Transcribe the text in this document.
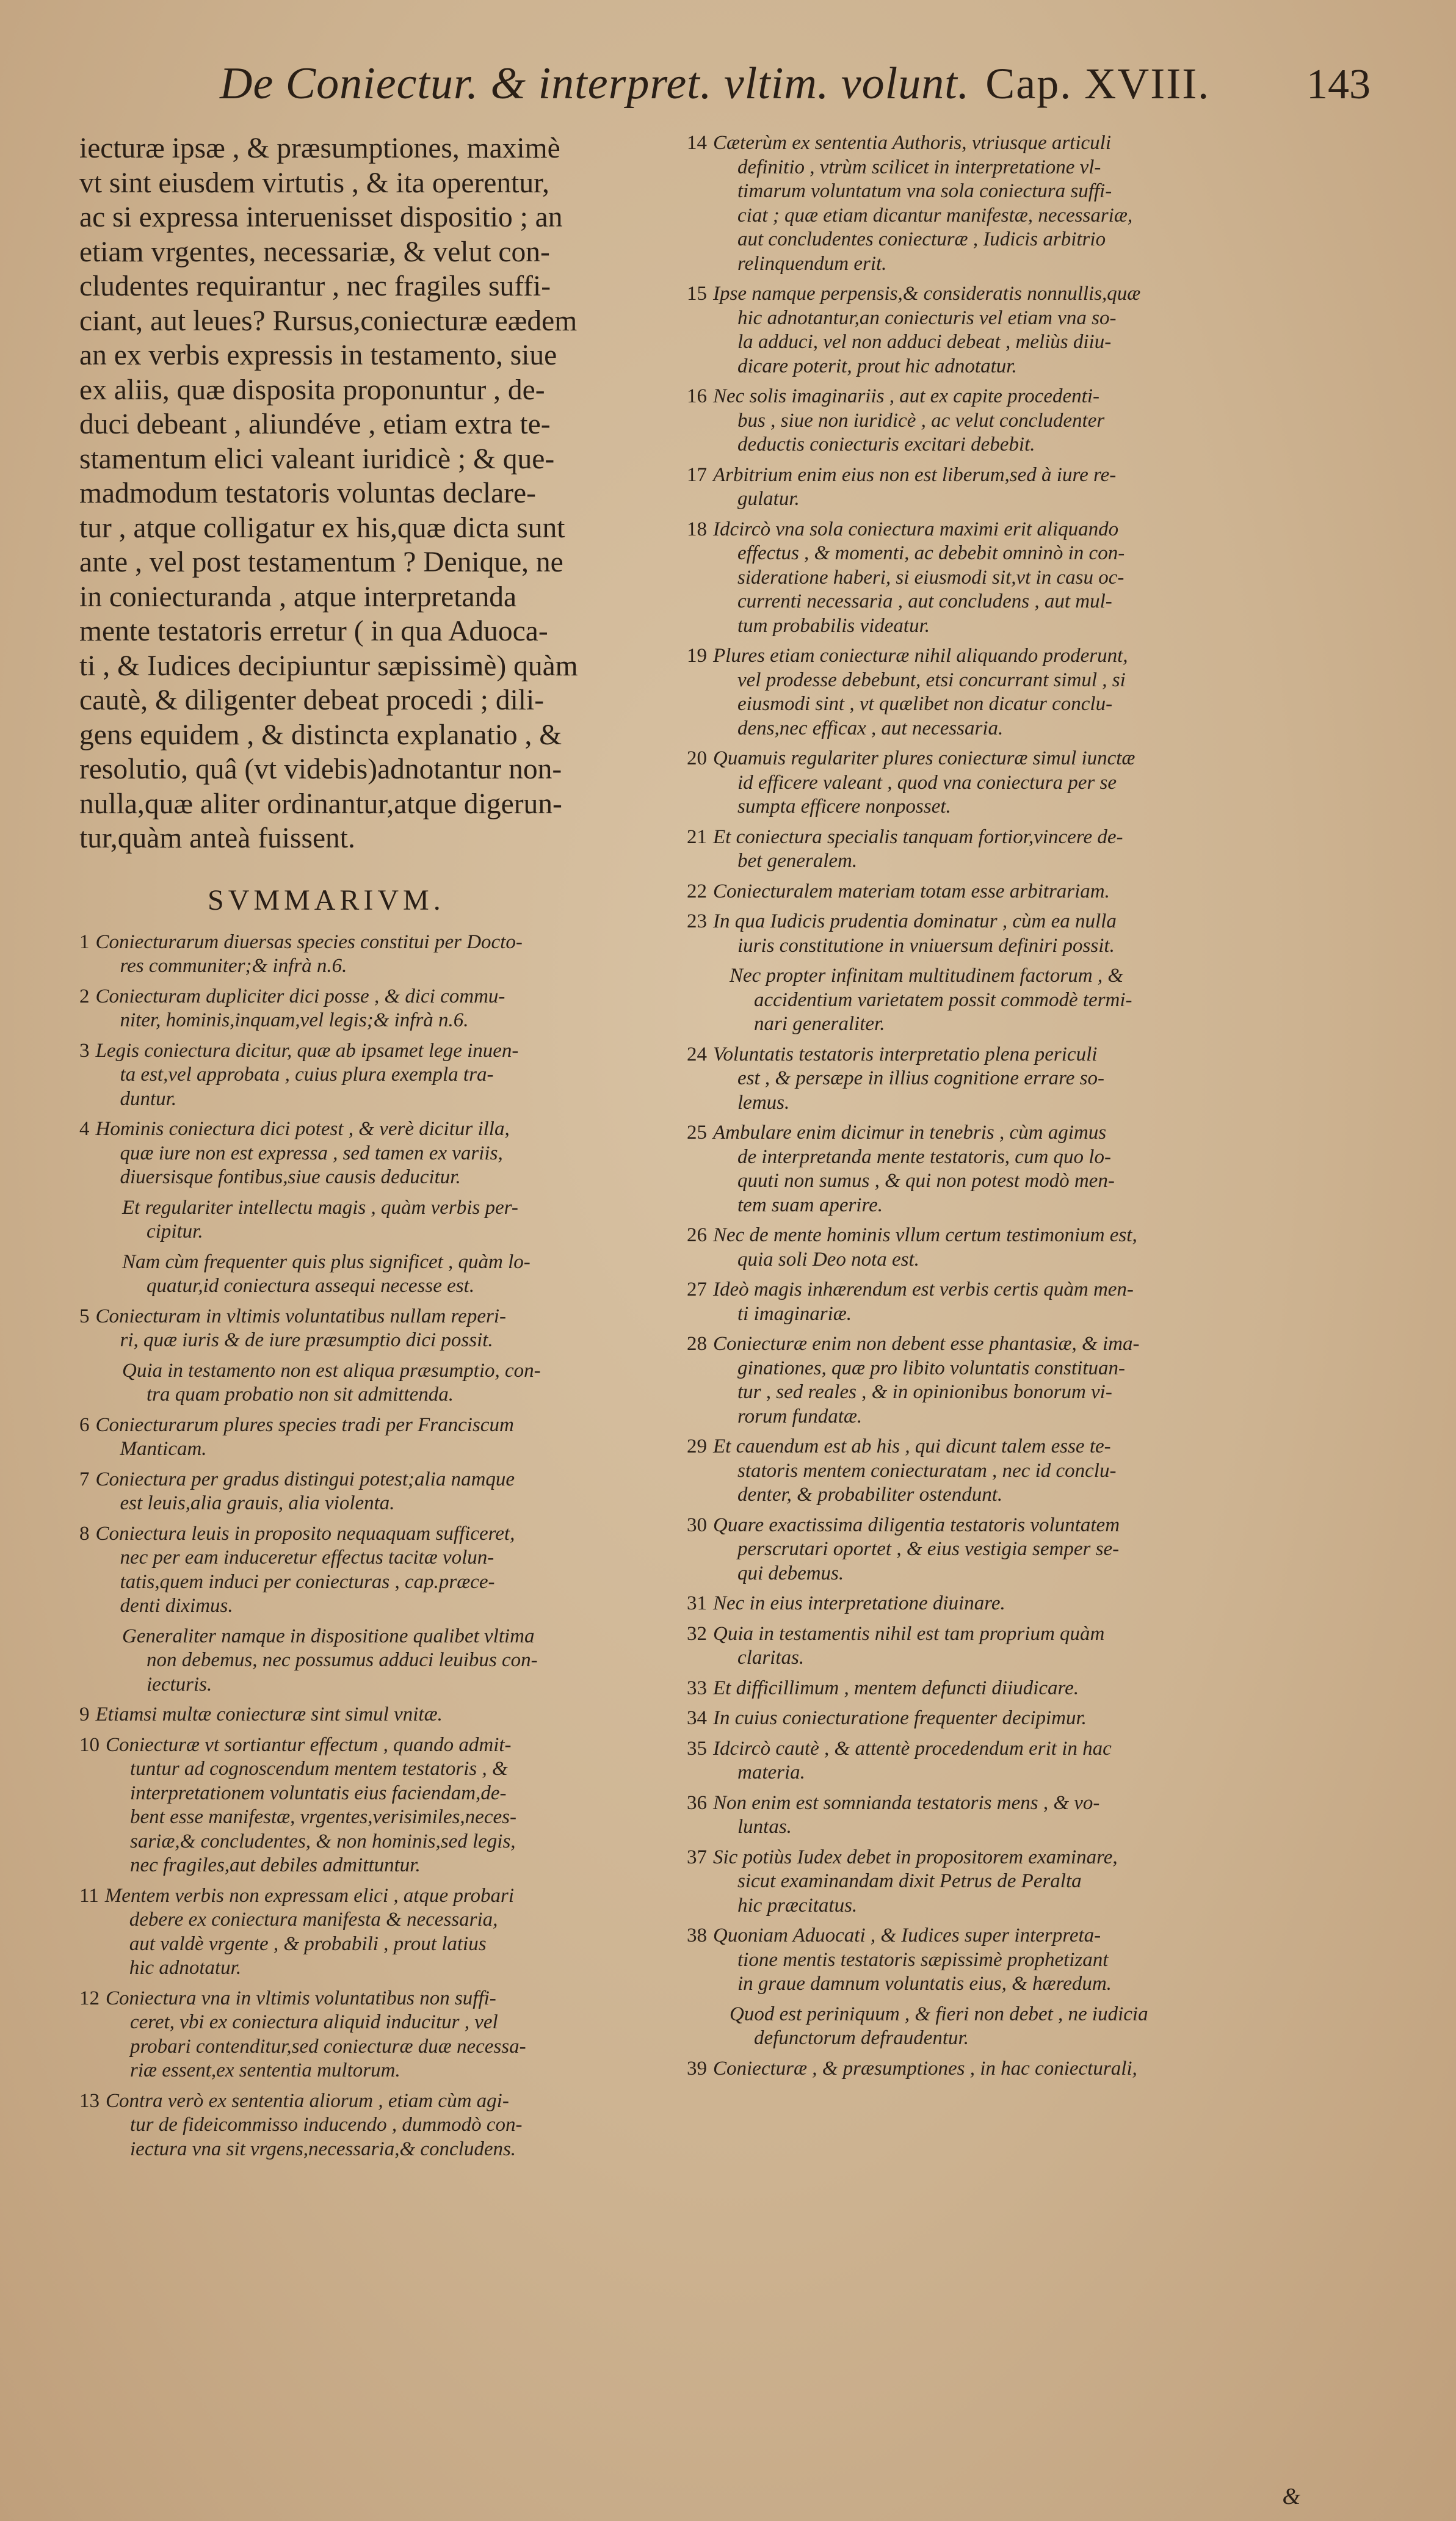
De Coniectur. & interpret. vltim. volunt. Cap. XVIII. 143
iecturæ ipsæ , & præsumptiones, maximè
vt sint eiusdem virtutis , & ita operentur,
ac si expressa interuenisset dispositio ; an
etiam vrgentes, necessariæ, & velut con-
cludentes requirantur , nec fragiles suffi-
ciant, aut leues? Rursus,coniecturæ eædem
an ex verbis expressis in testamento, siue
ex aliis, quæ disposita proponuntur , de-
duci debeant , aliundéve , etiam extra te-
stamentum elici valeant iuridicè ; & que-
madmodum testatoris voluntas declare-
tur , atque colligatur ex his,quæ dicta sunt
ante , vel post testamentum ? Denique, ne
in coniecturanda , atque interpretanda
mente testatoris erretur ( in qua Aduoca-
ti , & Iudices decipiuntur sæpissimè) quàm
cautè, & diligenter debeat procedi ; dili-
gens equidem , & distincta explanatio , &
resolutio, quâ (vt videbis)adnotantur non-
nulla,quæ aliter ordinantur,atque digerun-
tur,quàm anteà fuissent.
SVMMARIVM.
1 Coniecturarum diuersas species constitui per Docto-
res communiter;& infrà n.6.
2 Coniecturam dupliciter dici posse , & dici commu-
niter, hominis,inquam,vel legis;& infrà n.6.
3 Legis coniectura dicitur, quæ ab ipsamet lege inuen-
ta est,vel approbata , cuius plura exempla tra-
duntur.
4 Hominis coniectura dici potest , & verè dicitur illa,
quæ iure non est expressa , sed tamen ex variis,
diuersisque fontibus,siue causis deducitur.
Et regulariter intellectu magis , quàm verbis per-
cipitur.
Nam cùm frequenter quis plus significet , quàm lo-
quatur,id coniectura assequi necesse est.
5 Coniecturam in vltimis voluntatibus nullam reperi-
ri, quæ iuris & de iure præsumptio dici possit.
Quia in testamento non est aliqua præsumptio, con-
tra quam probatio non sit admittenda.
6 Coniecturarum plures species tradi per Franciscum
Manticam.
7 Coniectura per gradus distingui potest;alia namque
est leuis,alia grauis, alia violenta.
8 Coniectura leuis in proposito nequaquam sufficeret,
nec per eam induceretur effectus tacitæ volun-
tatis,quem induci per coniecturas , cap.præce-
denti diximus.
Generaliter namque in dispositione qualibet vltima
non debemus, nec possumus adduci leuibus con-
iecturis.
9 Etiamsi multæ coniecturæ sint simul vnitæ.
10 Coniecturæ vt sortiantur effectum , quando admit-
tuntur ad cognoscendum mentem testatoris , &
interpretationem voluntatis eius faciendam,de-
bent esse manifestæ, vrgentes,verisimiles,neces-
sariæ,& concludentes, & non hominis,sed legis,
nec fragiles,aut debiles admittuntur.
11 Mentem verbis non expressam elici , atque probari
debere ex coniectura manifesta & necessaria,
aut valdè vrgente , & probabili , prout latius
hic adnotatur.
12 Coniectura vna in vltimis voluntatibus non suffi-
ceret, vbi ex coniectura aliquid inducitur , vel
probari contenditur,sed coniecturæ duæ necessa-
riæ essent,ex sententia multorum.
13 Contra verò ex sententia aliorum , etiam cùm agi-
tur de fideicommisso inducendo , dummodò con-
iectura vna sit vrgens,necessaria,& concludens.
14 Cæterùm ex sententia Authoris, vtriusque articuli
definitio , vtrùm scilicet in interpretatione vl-
timarum voluntatum vna sola coniectura suffi-
ciat ; quæ etiam dicantur manifestæ, necessariæ,
aut concludentes coniecturæ , Iudicis arbitrio
relinquendum erit.
15 Ipse namque perpensis,& consideratis nonnullis,quæ
hic adnotantur,an coniecturis vel etiam vna so-
la adduci, vel non adduci debeat , meliùs diiu-
dicare poterit, prout hic adnotatur.
16 Nec solis imaginariis , aut ex capite procedenti-
bus , siue non iuridicè , ac velut concludenter
deductis coniecturis excitari debebit.
17 Arbitrium enim eius non est liberum,sed à iure re-
gulatur.
18 Idcircò vna sola coniectura maximi erit aliquando
effectus , & momenti, ac debebit omninò in con-
sideratione haberi, si eiusmodi sit,vt in casu oc-
currenti necessaria , aut concludens , aut mul-
tum probabilis videatur.
19 Plures etiam coniecturæ nihil aliquando proderunt,
vel prodesse debebunt, etsi concurrant simul , si
eiusmodi sint , vt quælibet non dicatur conclu-
dens,nec efficax , aut necessaria.
20 Quamuis regulariter plures coniecturæ simul iunctæ
id efficere valeant , quod vna coniectura per se
sumpta efficere nonposset.
21 Et coniectura specialis tanquam fortior,vincere de-
bet generalem.
22 Coniecturalem materiam totam esse arbitrariam.
23 In qua Iudicis prudentia dominatur , cùm ea nulla
iuris constitutione in vniuersum definiri possit.
Nec propter infinitam multitudinem factorum , &
accidentium varietatem possit commodè termi-
nari generaliter.
24 Voluntatis testatoris interpretatio plena periculi
est , & persæpe in illius cognitione errare so-
lemus.
25 Ambulare enim dicimur in tenebris , cùm agimus
de interpretanda mente testatoris, cum quo lo-
quuti non sumus , & qui non potest modò men-
tem suam aperire.
26 Nec de mente hominis vllum certum testimonium est,
quia soli Deo nota est.
27 Ideò magis inhærendum est verbis certis quàm men-
ti imaginariæ.
28 Coniecturæ enim non debent esse phantasiæ, & ima-
ginationes, quæ pro libito voluntatis constituan-
tur , sed reales , & in opinionibus bonorum vi-
rorum fundatæ.
29 Et cauendum est ab his , qui dicunt talem esse te-
statoris mentem coniecturatam , nec id conclu-
denter, & probabiliter ostendunt.
30 Quare exactissima diligentia testatoris voluntatem
perscrutari oportet , & eius vestigia semper se-
qui debemus.
31 Nec in eius interpretatione diuinare.
32 Quia in testamentis nihil est tam proprium quàm
claritas.
33 Et difficillimum , mentem defuncti diiudicare.
34 In cuius coniecturatione frequenter decipimur.
35 Idcircò cautè , & attentè procedendum erit in hac
materia.
36 Non enim est somnianda testatoris mens , & vo-
luntas.
37 Sic potiùs Iudex debet in propositorem examinare,
sicut examinandam dixit Petrus de Peralta
hic præcitatus.
38 Quoniam Aduocati , & Iudices super interpreta-
tione mentis testatoris sæpissimè prophetizant
in graue damnum voluntatis eius, & hæredum.
Quod est periniquum , & fieri non debet , ne iudicia
defunctorum defraudentur.
39 Coniecturæ , & præsumptiones , in hac coniecturali,
&
